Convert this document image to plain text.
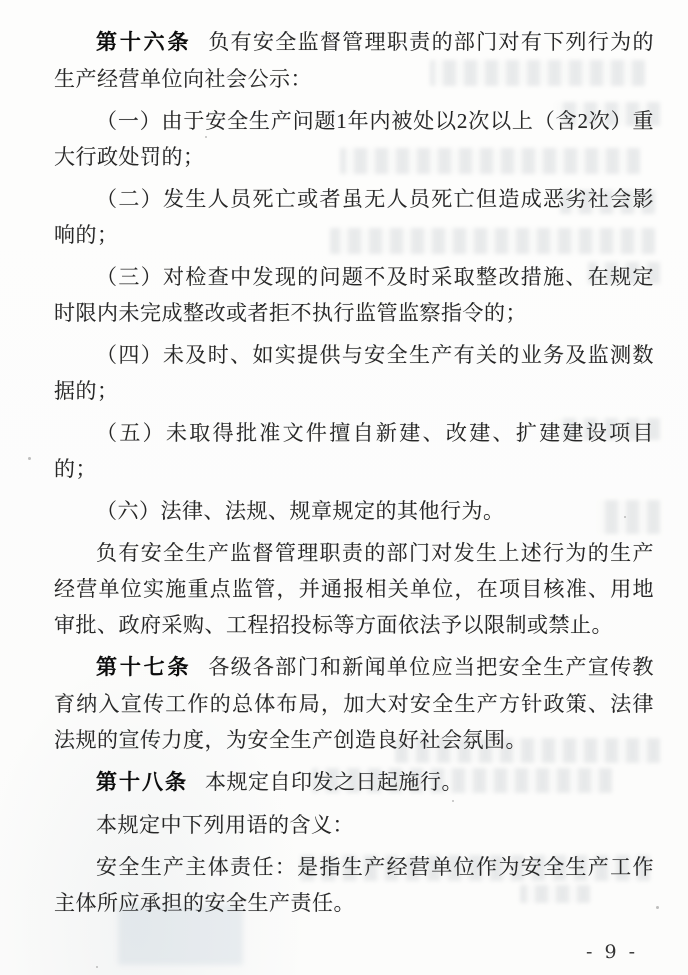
第十六条 负有安全监督管理职责的部门对有下列行为的生产经营单位向社会公示：

（一）由于安全生产问题1年内被处以2次以上（含2次）重大行政处罚的；

（二）发生人员死亡或者虽无人员死亡但造成恶劣社会影响的；

（三）对检查中发现的问题不及时采取整改措施、在规定时限内未完成整改或者拒不执行监管监察指令的；

（四）未及时、如实提供与安全生产有关的业务及监测数据的；

（五）未取得批准文件擅自新建、改建、扩建建设项目的；

（六）法律、法规、规章规定的其他行为。

负有安全生产监督管理职责的部门对发生上述行为的生产经营单位实施重点监管，并通报相关单位，在项目核准、用地审批、政府采购、工程招投标等方面依法予以限制或禁止。

第十七条 各级各部门和新闻单位应当把安全生产宣传教育纳入宣传工作的总体布局，加大对安全生产方针政策、法律法规的宣传力度，为安全生产创造良好社会氛围。

第十八条 本规定自印发之日起施行。

本规定中下列用语的含义：

安全生产主体责任：是指生产经营单位作为安全生产工作主体所应承担的安全生产责任。

- 9 -
